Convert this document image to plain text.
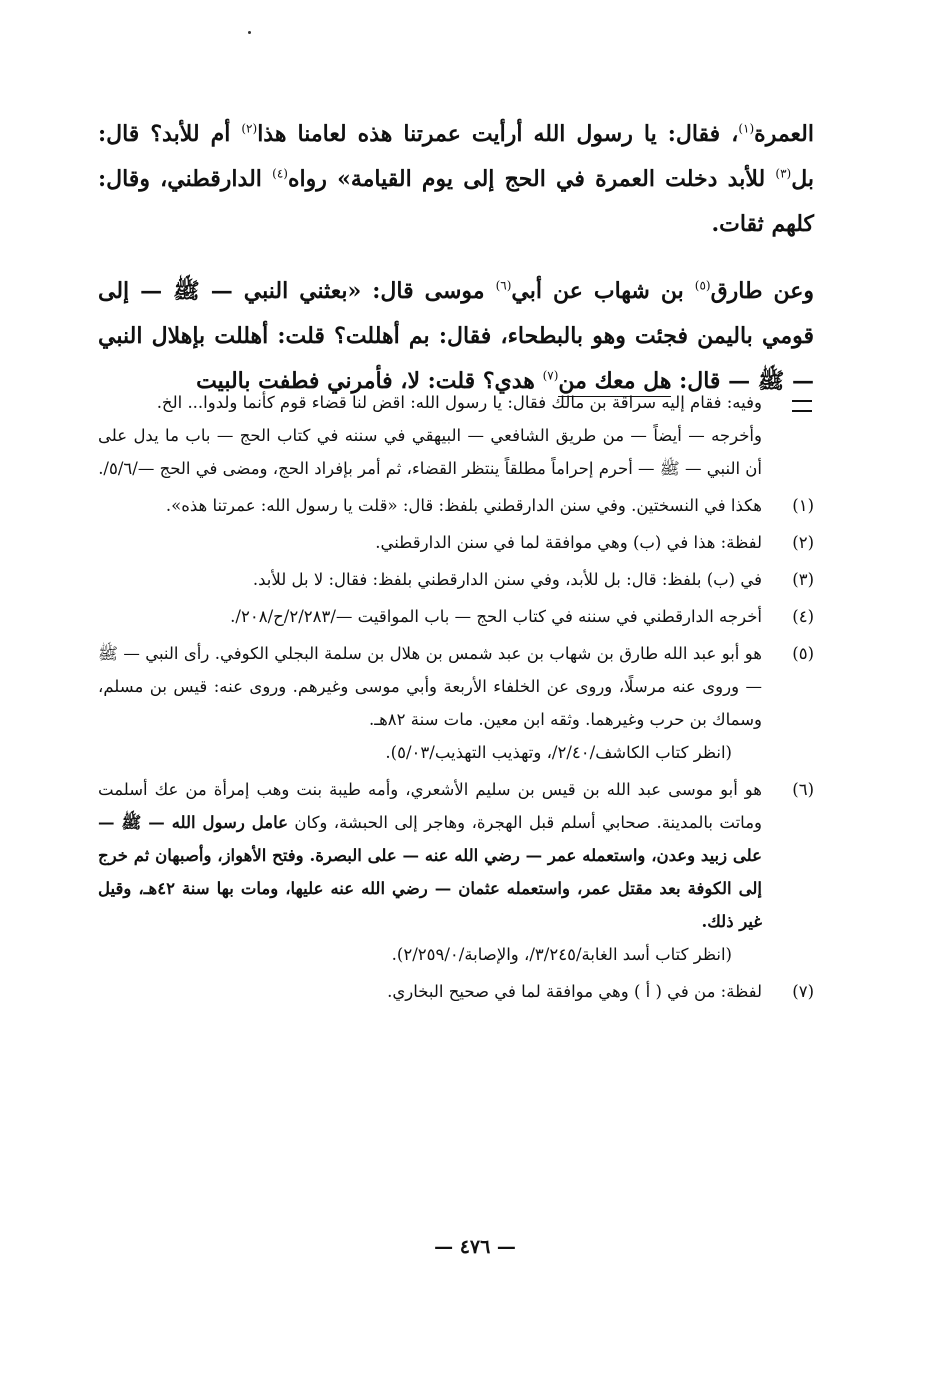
العمرة$^{(١)}$، فقال: يا رسول الله أرأيت عمرتنا هذه لعامنا هذا$^{(٢)}$ أم للأبد؟ قال: بل$^{(٣)}$ للأبد دخلت العمرة في الحج إلى يوم القيامة» رواه$^{(٤)}$ الدارقطني، وقال: كلهم ثقات.

وعن طارق$^{(٥)}$ بن شهاب عن أبي$^{(٦)}$ موسى قال: «بعثني النبي — ﷺ — إلى قومي باليمن فجئت وهو بالبطحاء، فقال: بم أهللت؟ قلت: أهللت بإهلال النبي — ﷺ — قال: هل معك من$^{(٧)}$ هدي؟ قلت: لا، فأمرني فطفت بالبيت

وفيه: فقام إليه سراقة بن مالك فقال: يا رسول الله: اقض لنا قضاء قوم كأنما ولدوا... الخ.
وأخرجه — أيضاً — من طريق الشافعي — البيهقي في سننه في كتاب الحج — باب ما يدل على أن النبي — ﷺ — أحرم إحراماً مطلقاً ينتظر القضاء، ثم أمر بإفراد الحج، ومضى في الحج —/٥/٦/.
(١)
هكذا في النسختين. وفي سنن الدارقطني بلفظ: قال: «قلت يا رسول الله: عمرتنا هذه».
(٢)
لفظة: هذا في (ب) وهي موافقة لما في سنن الدارقطني.
(٣)
في (ب) بلفظ: قال: بل للأبد، وفي سنن الدارقطني بلفظ: فقال: لا بل للأبد.
(٤)
أخرجه الدارقطني في سننه في كتاب الحج — باب المواقيت —/٢/٢٨٣/ح/٢٠٨/.
(٥)
هو أبو عبد الله طارق بن شهاب بن عبد شمس بن هلال بن سلمة البجلي الكوفي. رأى النبي — ﷺ — وروى عنه مرسلًا، وروى عن الخلفاء الأربعة وأبي موسى وغيرهم. وروى عنه: قيس بن مسلم، وسماك بن حرب وغيرهما. وثقه ابن معين. مات سنة ٨٢هـ.
(انظر كتاب الكاشف/٢/٤٠/، وتهذيب التهذيب/٥/٠٣).
(٦)
هو أبو موسى عبد الله بن قيس بن سليم الأشعري، وأمه طيبة بنت وهب إمرأة من عك أسلمت وماتت بالمدينة. صحابي أسلم قبل الهجرة، وهاجر إلى الحبشة، وكان عامل رسول الله — ﷺ — على زبيد وعدن، واستعمله عمر — رضي الله عنه — على البصرة. وفتح الأهواز، وأصبهان ثم خرج إلى الكوفة بعد مقتل عمر، واستعمله عثمان — رضي الله عنه عليها، ومات بها سنة ٤٢هـ، وقيل غير ذلك.
(انظر كتاب أسد الغابة/٣/٢٤٥/، والإصابة/٢/٢٥٩/٠).
(٧)
لفظة: من في ( أ ) وهي موافقة لما في صحيح البخاري.
— ٤٧٦ —
